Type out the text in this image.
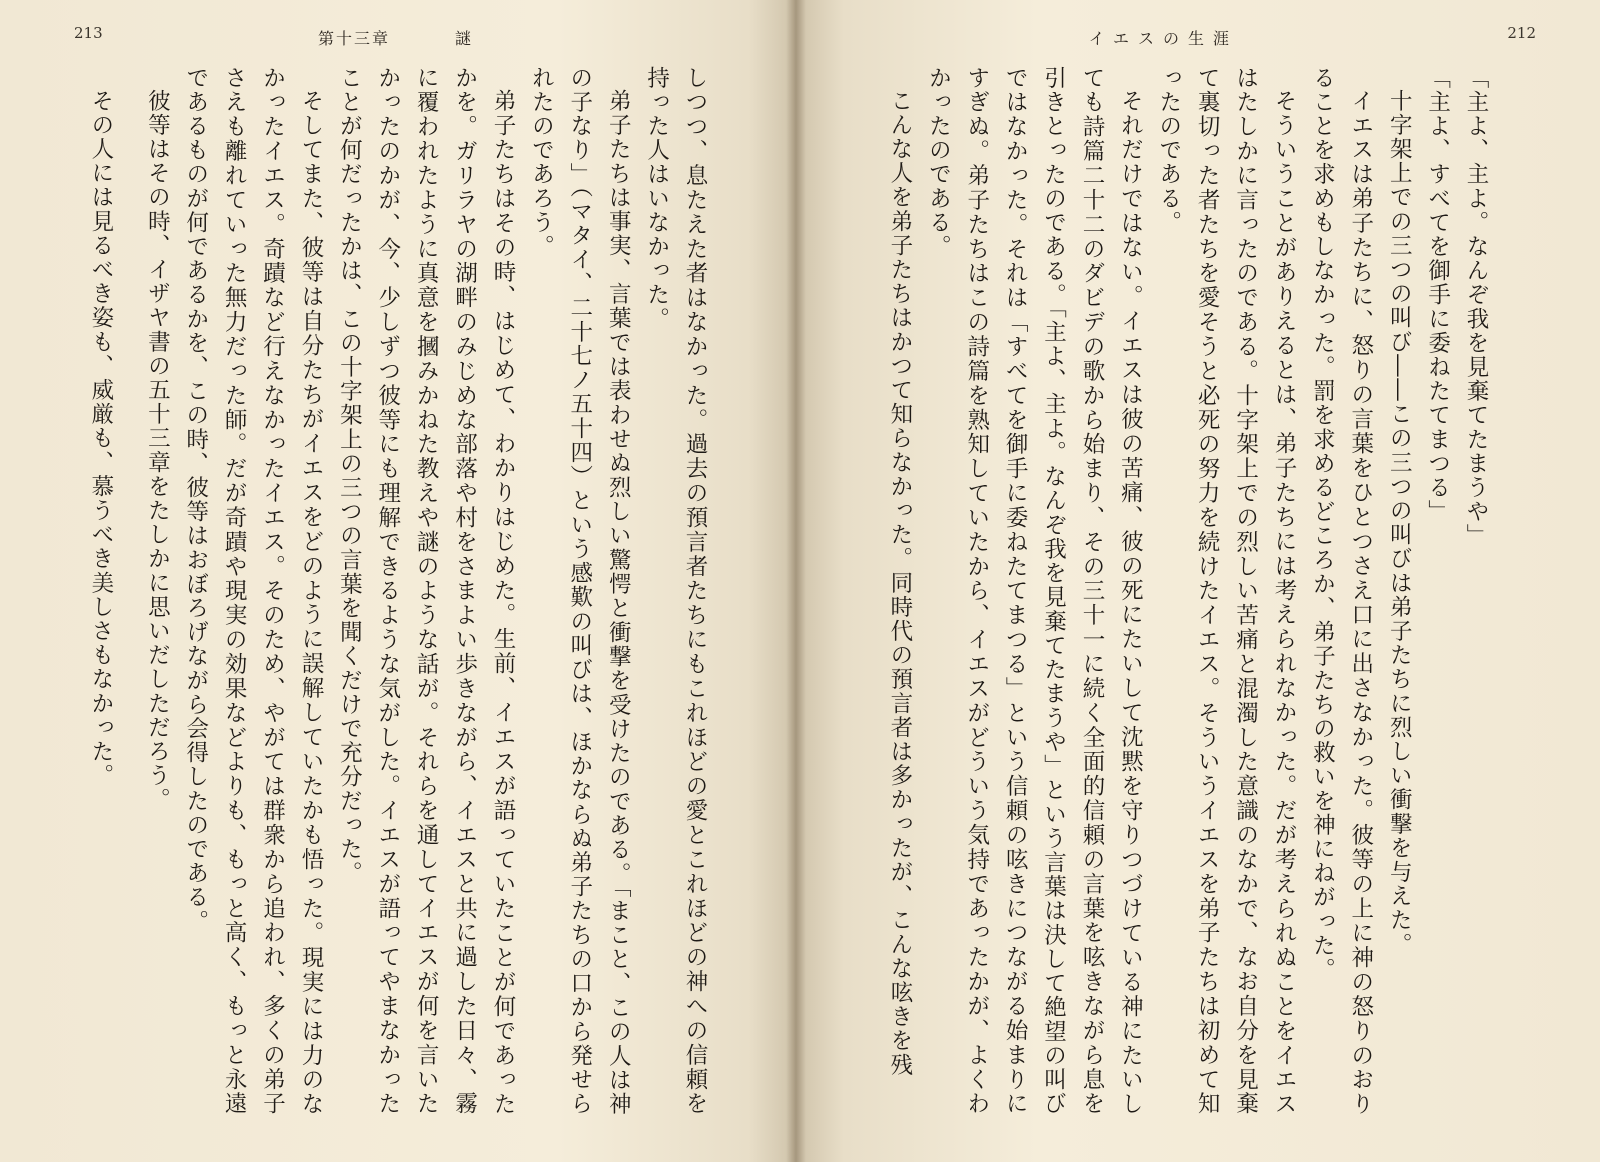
212
イエスの生涯

「主よ、主よ。なんぞ我を見棄てたまうや」

「主よ、すべてを御手に委ねたてまつる」

十字架上での三つの叫び――この三つの叫びは弟子たちに烈しい衝撃を与えた。

イエスは弟子たちに、怒りの言葉をひとつさえ口に出さなかった。彼等の上に神の怒りのおりることを求めもしなかった。罰を求めるどころか、弟子たちの救いを神にねがった。

そういうことがありえるとは、弟子たちには考えられなかった。だが考えられぬことをイエスはたしかに言ったのである。十字架上での烈しい苦痛と混濁した意識のなかで、なお自分を見棄て裏切った者たちを愛そうと必死の努力を続けたイエス。そういうイエスを弟子たちは初めて知ったのである。

それだけではない。イエスは彼の苦痛、彼の死にたいして沈黙を守りつづけている神にたいしても詩篇二十二のダビデの歌から始まり、その三十一に続く全面的信頼の言葉を呟きながら息を引きとったのである。「主よ、主よ。なんぞ我を見棄てたまうや」という言葉は決して絶望の叫びではなかった。それは「すべてを御手に委ねたてまつる」という信頼の呟きにつながる始まりにすぎぬ。弟子たちはこの詩篇を熟知していたから、イエスがどういう気持であったかが、よくわかったのである。

こんな人を弟子たちはかつて知らなかった。同時代の預言者は多かったが、こんな呟きを残

213	第十三章	謎

しつつ、息たえた者はなかった。過去の預言者たちにもこれほどの愛とこれほどの神への信頼を持った人はいなかった。

弟子たちは事実、言葉では表わせぬ烈しい驚愕と衝撃を受けたのである。「まこと、この人は神の子なり」（マタイ、二十七ノ五十四）という感歎の叫びは、ほかならぬ弟子たちの口から発せられたのであろう。

弟子たちはその時、はじめて、わかりはじめた。生前、イエスが語っていたことが何であったかを。ガリラヤの湖畔のみじめな部落や村をさまよい歩きながら、イエスと共に過した日々、霧に覆われたように真意を摑みかねた教えや謎のような話が。それらを通してイエスが何を言いたかったのかが、今、少しずつ彼等にも理解できるような気がした。イエスが語ってやまなかったことが何だったかは、この十字架上の三つの言葉を聞くだけで充分だった。

そしてまた、彼等は自分たちがイエスをどのように誤解していたかも悟った。現実には力のなかったイエス。奇蹟など行えなかったイエス。そのため、やがては群衆から追われ、多くの弟子さえも離れていった無力だった師。だが奇蹟や現実の効果などよりも、もっと高く、もっと永遠であるものが何であるかを、この時、彼等はおぼろげながら会得したのである。

彼等はその時、イザヤ書の五十三章をたしかに思いだしただろう。

その人には見るべき姿も、威厳も、慕うべき美しさもなかった。
